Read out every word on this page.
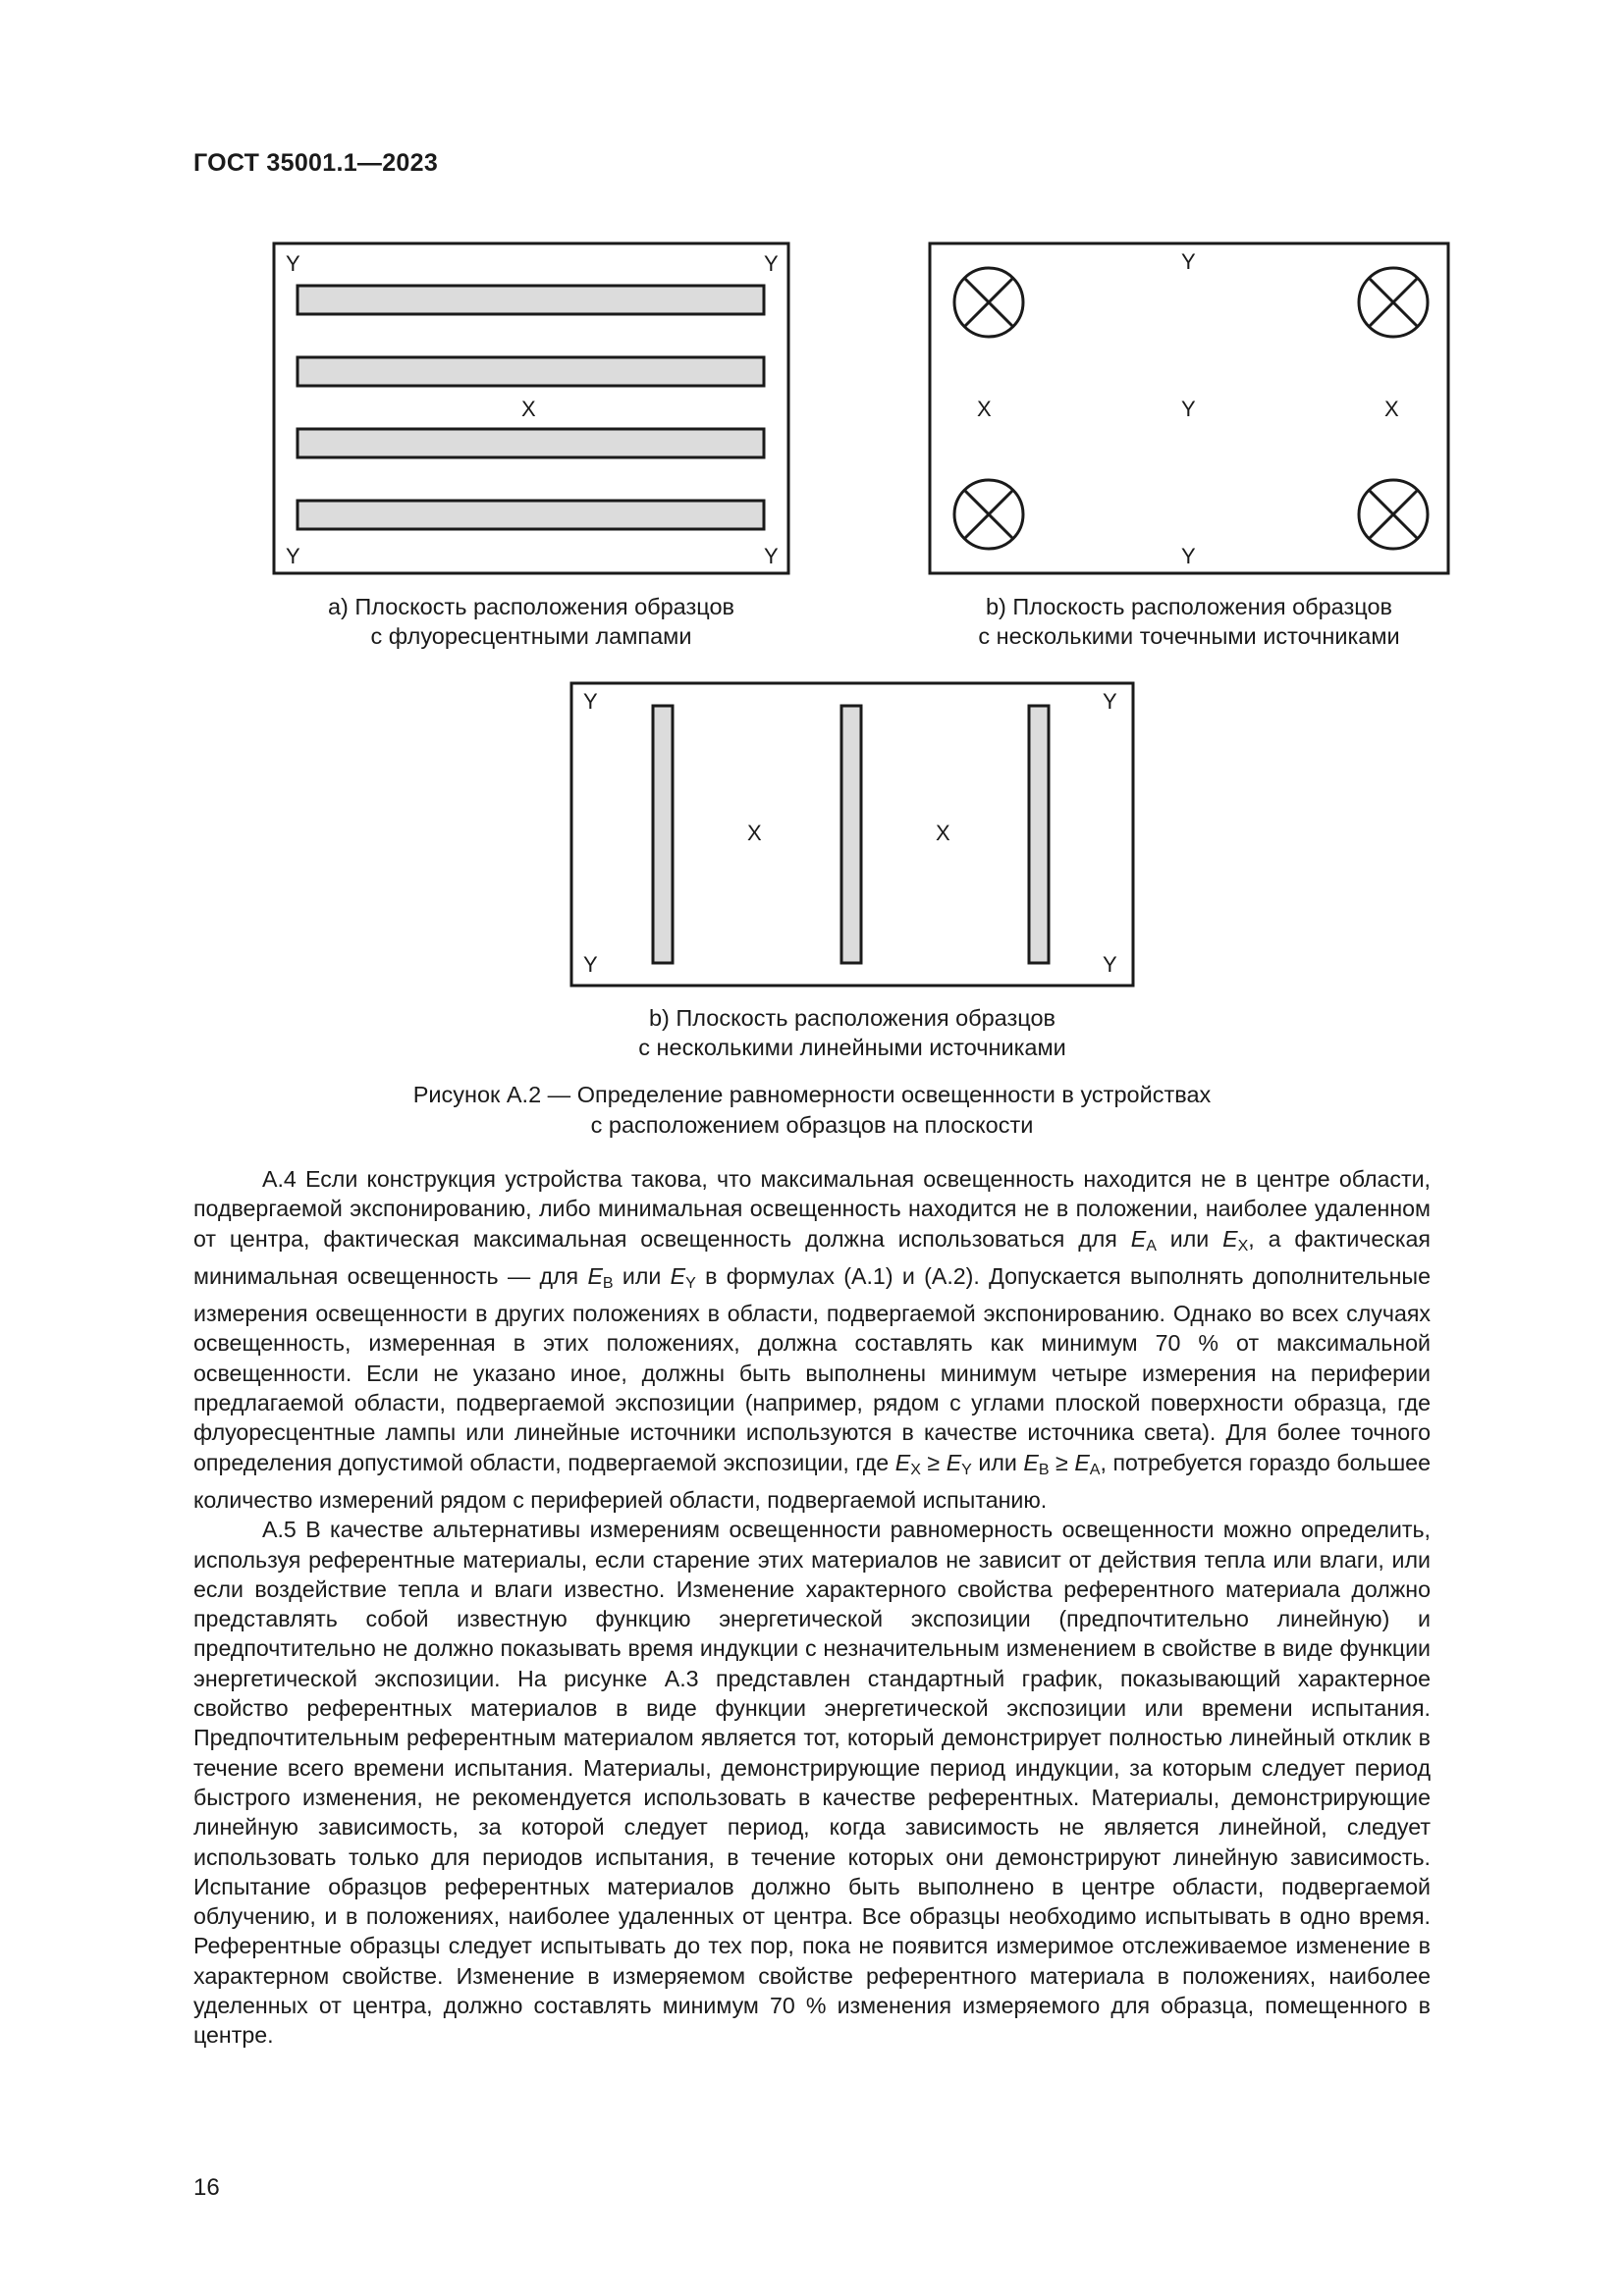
ГОСТ 35001.1—2023
Y	Y
Y	Y
X
a) Плоскость расположения образцов
с флуоресцентными лампами
Y
Y
Y
X	X
b) Плоскость расположения образцов
с несколькими точечными источниками
Y	Y
Y	Y
X	X
b) Плоскость расположения образцов
с несколькими линейными источниками
Рисунок А.2 — Определение равномерности освещенности в устройствах
с расположением образцов на плоскости

А.4 Если конструкция устройства такова, что максимальная освещенность находится не в центре области, подвергаемой экспонированию, либо минимальная освещенность находится не в положении, наиболее удаленном от центра, фактическая максимальная освещенность должна использоваться для $E_A$ или $E_X$, а фактическая минимальная освещенность — для $E_B$ или $E_Y$ в формулах (А.1) и (А.2). Допускается выполнять дополнительные измерения освещенности в других положениях в области, подвергаемой экспонированию. Однако во всех случаях освещенность, измеренная в этих положениях, должна составлять как минимум 70 % от максимальной освещенности. Если не указано иное, должны быть выполнены минимум четыре измерения на периферии предлагаемой области, подвергаемой экспозиции (например, рядом с углами плоской поверхности образца, где флуоресцентные лампы или линейные источники используются в качестве источника света). Для более точного определения допустимой области, подвергаемой экспозиции, где $E_X \ge E_Y$ или $E_B \ge E_A$, потребуется гораздо большее количество измерений рядом с периферией области, подвергаемой испытанию.

А.5 В качестве альтернативы измерениям освещенности равномерность освещенности можно определить, используя референтные материалы, если старение этих материалов не зависит от действия тепла или влаги, или если воздействие тепла и влаги известно. Изменение характерного свойства референтного материала должно представлять собой известную функцию энергетической экспозиции (предпочтительно линейную) и предпочтительно не должно показывать время индукции с незначительным изменением в свойстве в виде функции энергетической экспозиции. На рисунке А.3 представлен стандартный график, показывающий характерное свойство референтных материалов в виде функции энергетической экспозиции или времени испытания. Предпочтительным референтным материалом является тот, который демонстрирует полностью линейный отклик в течение всего времени испытания. Материалы, демонстрирующие период индукции, за которым следует период быстрого изменения, не рекомендуется использовать в качестве референтных. Материалы, демонстрирующие линейную зависимость, за которой следует период, когда зависимость не является линейной, следует использовать только для периодов испытания, в течение которых они демонстрируют линейную зависимость. Испытание образцов референтных материалов должно быть выполнено в центре области, подвергаемой облучению, и в положениях, наиболее удаленных от центра. Все образцы необходимо испытывать в одно время. Референтные образцы следует испытывать до тех пор, пока не появится измеримое отслеживаемое изменение в характерном свойстве. Изменение в измеряемом свойстве референтного материала в положениях, наиболее уделенных от центра, должно составлять минимум 70 % изменения измеряемого для образца, помещенного в центре.

16
